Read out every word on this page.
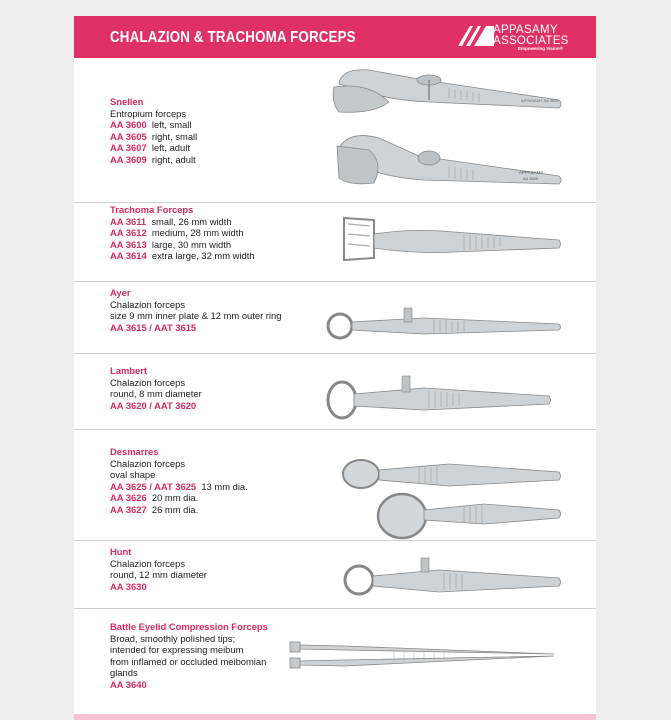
CHALAZION & TRACHOMA FORCEPS	APPASAMY
ASSOCIATES
Empowering Vision®
Snellen
Entropium forceps
AA 3600 left, small
AA 3605 right, small
AA 3607 left, adult
AA 3609 right, adult
APPASAMY AA 3600
APPASAMY
AA 3605
Trachoma Forceps
AA 3611 small, 26 mm width
AA 3612 medium, 28 mm width
AA 3613 large, 30 mm width
AA 3614 extra large, 32 mm width
Ayer
Chalazion forceps
size 9 mm inner plate & 12 mm outer ring
AA 3615 / AAT 3615
Lambert
Chalazion forceps
round, 8 mm diameter
AA 3620 / AAT 3620
Desmarres
Chalazion forceps
oval shape
AA 3625 / AAT 3625 13 mm dia.
AA 3626 20 mm dia.
AA 3627 26 mm dia.
Hunt
Chalazion forceps
round, 12 mm diameter
AA 3630
Battle Eyelid Compression Forceps
Broad, smoothly polished tips;
intended for expressing meibum
from inflamed or occluded meibomian
glands
AA 3640
